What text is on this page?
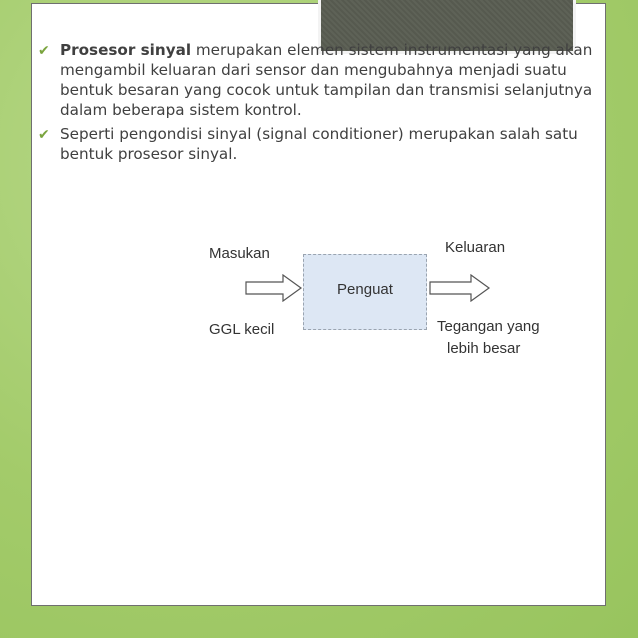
✔︎ Prosesor sinyal merupakan elemen sistem instrumentasi yang akan mengambil keluaran dari sensor dan mengubahnya menjadi suatu bentuk besaran yang cocok untuk tampilan dan transmisi selanjutnya dalam beberapa sistem kontrol.
✔︎ Seperti pengondisi sinyal (signal conditioner) merupakan salah satu bentuk prosesor sinyal.
Masukan
GGL kecil
Penguat
Keluaran
Tegangan yang
lebih besar
